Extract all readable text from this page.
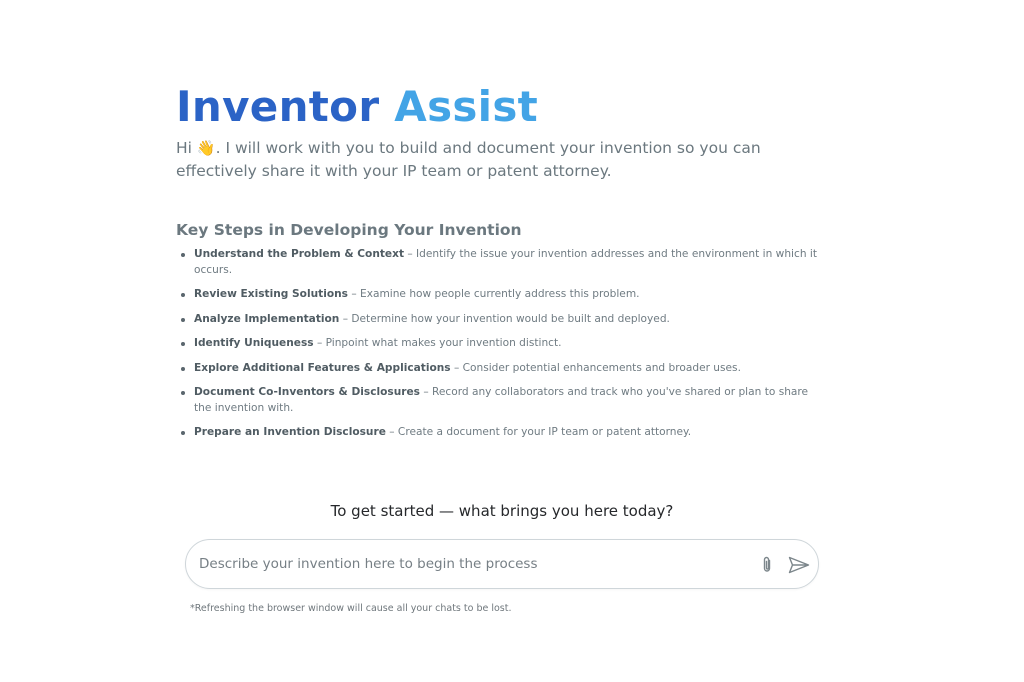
Inventor Assist

Hi 👋. I will work with you to build and document your invention so you can effectively share it with your IP team or patent attorney.

Key Steps in Developing Your Invention
Understand the Problem & Context – Identify the issue your invention addresses and the environment in which it occurs.
Review Existing Solutions – Examine how people currently address this problem.
Analyze Implementation – Determine how your invention would be built and deployed.
Identify Uniqueness – Pinpoint what makes your invention distinct.
Explore Additional Features & Applications – Consider potential enhancements and broader uses.
Document Co-Inventors & Disclosures – Record any collaborators and track who you've shared or plan to share the invention with.
Prepare an Invention Disclosure – Create a document for your IP team or patent attorney.
To get started — what brings you here today?
Describe your invention here to begin the process
*Refreshing the browser window will cause all your chats to be lost.
